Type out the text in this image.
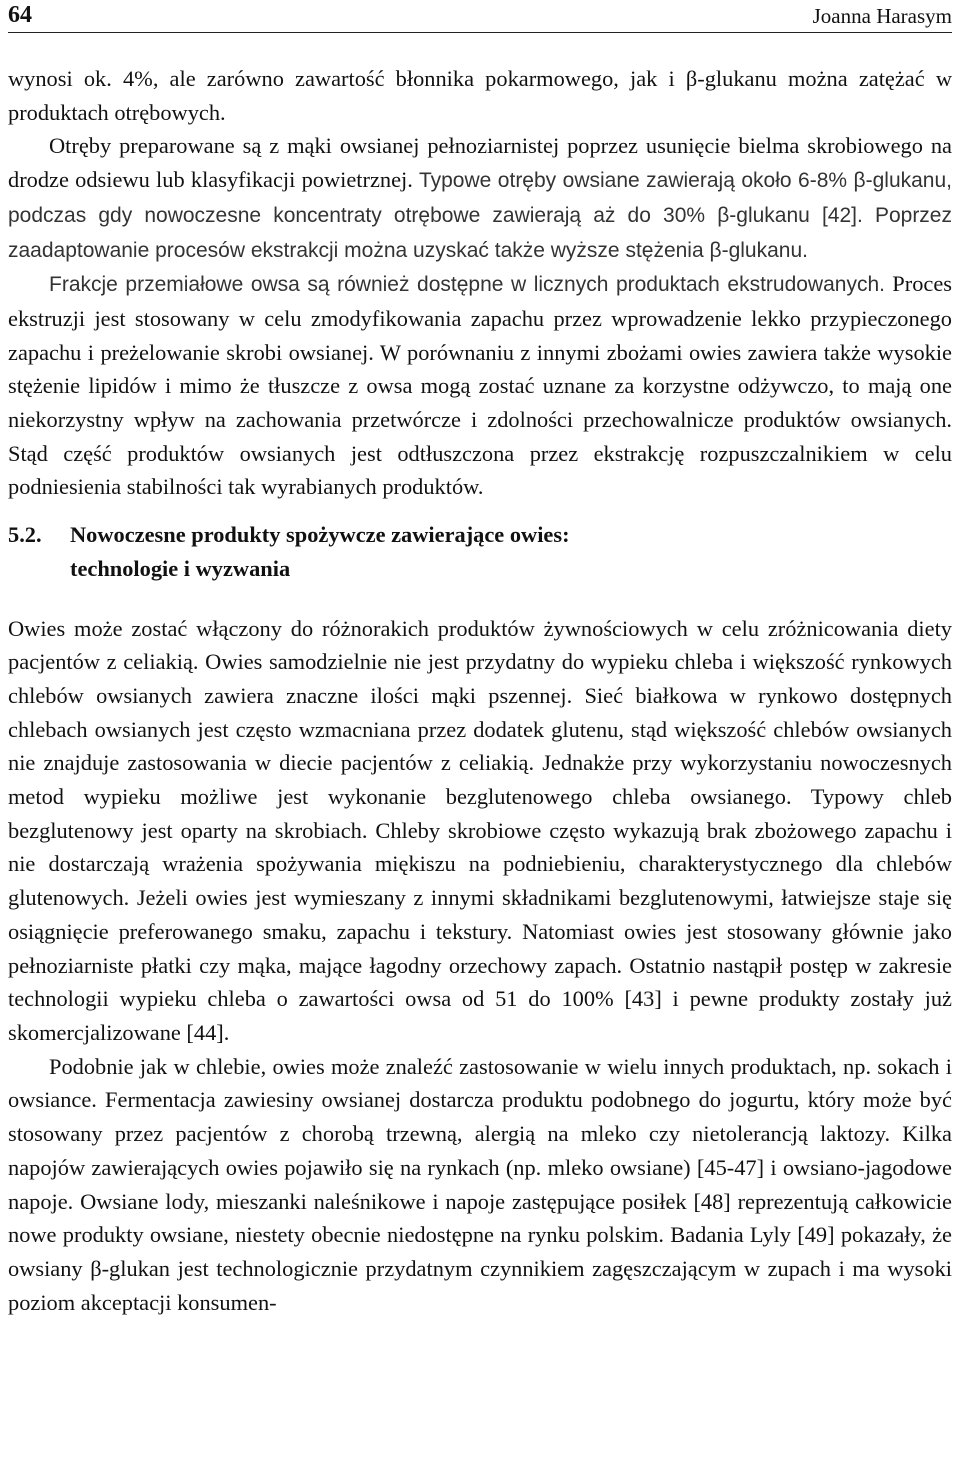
64	Joanna Harasym

wynosi ok. 4%, ale zarówno zawartość błonnika pokarmowego, jak i β-glukanu można zatężać w produktach otrębowych.

Otręby preparowane są z mąki owsianej pełnoziarnistej poprzez usunięcie bielma skrobiowego na drodze odsiewu lub klasyfikacji powietrznej. Typowe otręby owsiane zawierają około 6-8% β-glukanu, podczas gdy nowoczesne koncentraty otrębowe zawierają aż do 30% β-glukanu [42]. Poprzez zaadaptowanie procesów ekstrakcji można uzyskać także wyższe stężenia β-glukanu.

Frakcje przemiałowe owsa są również dostępne w licznych produktach ekstrudowanych. Proces ekstruzji jest stosowany w celu zmodyfikowania zapachu przez wprowadzenie lekko przypieczonego zapachu i preżelowanie skrobi owsianej. W porównaniu z innymi zbożami owies zawiera także wysokie stężenie lipidów i mimo że tłuszcze z owsa mogą zostać uznane za korzystne odżywczo, to mają one niekorzystny wpływ na zachowania przetwórcze i zdolności przechowalnicze produktów owsianych. Stąd część produktów owsianych jest odtłuszczona przez ekstrakcję rozpuszczalnikiem w celu podniesienia stabilności tak wyrabianych produktów.

5.2.	Nowoczesne produkty spożywcze zawierające owies:
technologie i wyzwania

Owies może zostać włączony do różnorakich produktów żywnościowych w celu zróżnicowania diety pacjentów z celiakią. Owies samodzielnie nie jest przydatny do wypieku chleba i większość rynkowych chlebów owsianych zawiera znaczne ilości mąki pszennej. Sieć białkowa w rynkowo dostępnych chlebach owsianych jest często wzmacniana przez dodatek glutenu, stąd większość chlebów owsianych nie znajduje zastosowania w diecie pacjentów z celiakią. Jednakże przy wykorzystaniu nowoczesnych metod wypieku możliwe jest wykonanie bezglutenowego chleba owsianego. Typowy chleb bezglutenowy jest oparty na skrobiach. Chleby skrobiowe często wykazują brak zbożowego zapachu i nie dostarczają wrażenia spożywania miękiszu na podniebieniu, charakterystycznego dla chlebów glutenowych. Jeżeli owies jest wymieszany z innymi składnikami bezglutenowymi, łatwiejsze staje się osiągnięcie preferowanego smaku, zapachu i tekstury. Natomiast owies jest stosowany głównie jako pełnoziarniste płatki czy mąka, mające łagodny orzechowy zapach. Ostatnio nastąpił postęp w zakresie technologii wypieku chleba o zawartości owsa od 51 do 100% [43] i pewne produkty zostały już skomercjalizowane [44].

Podobnie jak w chlebie, owies może znaleźć zastosowanie w wielu innych produktach, np. sokach i owsiance. Fermentacja zawiesiny owsianej dostarcza produktu podobnego do jogurtu, który może być stosowany przez pacjentów z chorobą trzewną, alergią na mleko czy nietolerancją laktozy. Kilka napojów zawierających owies pojawiło się na rynkach (np. mleko owsiane) [45-47] i owsiano-jagodowe napoje. Owsiane lody, mieszanki naleśnikowe i napoje zastępujące posiłek [48] reprezentują całkowicie nowe produkty owsiane, niestety obecnie niedostępne na rynku polskim. Badania Lyly [49] pokazały, że owsiany β-glukan jest technologicznie przydatnym czynnikiem zagęszczającym w zupach i ma wysoki poziom akceptacji konsumen-
